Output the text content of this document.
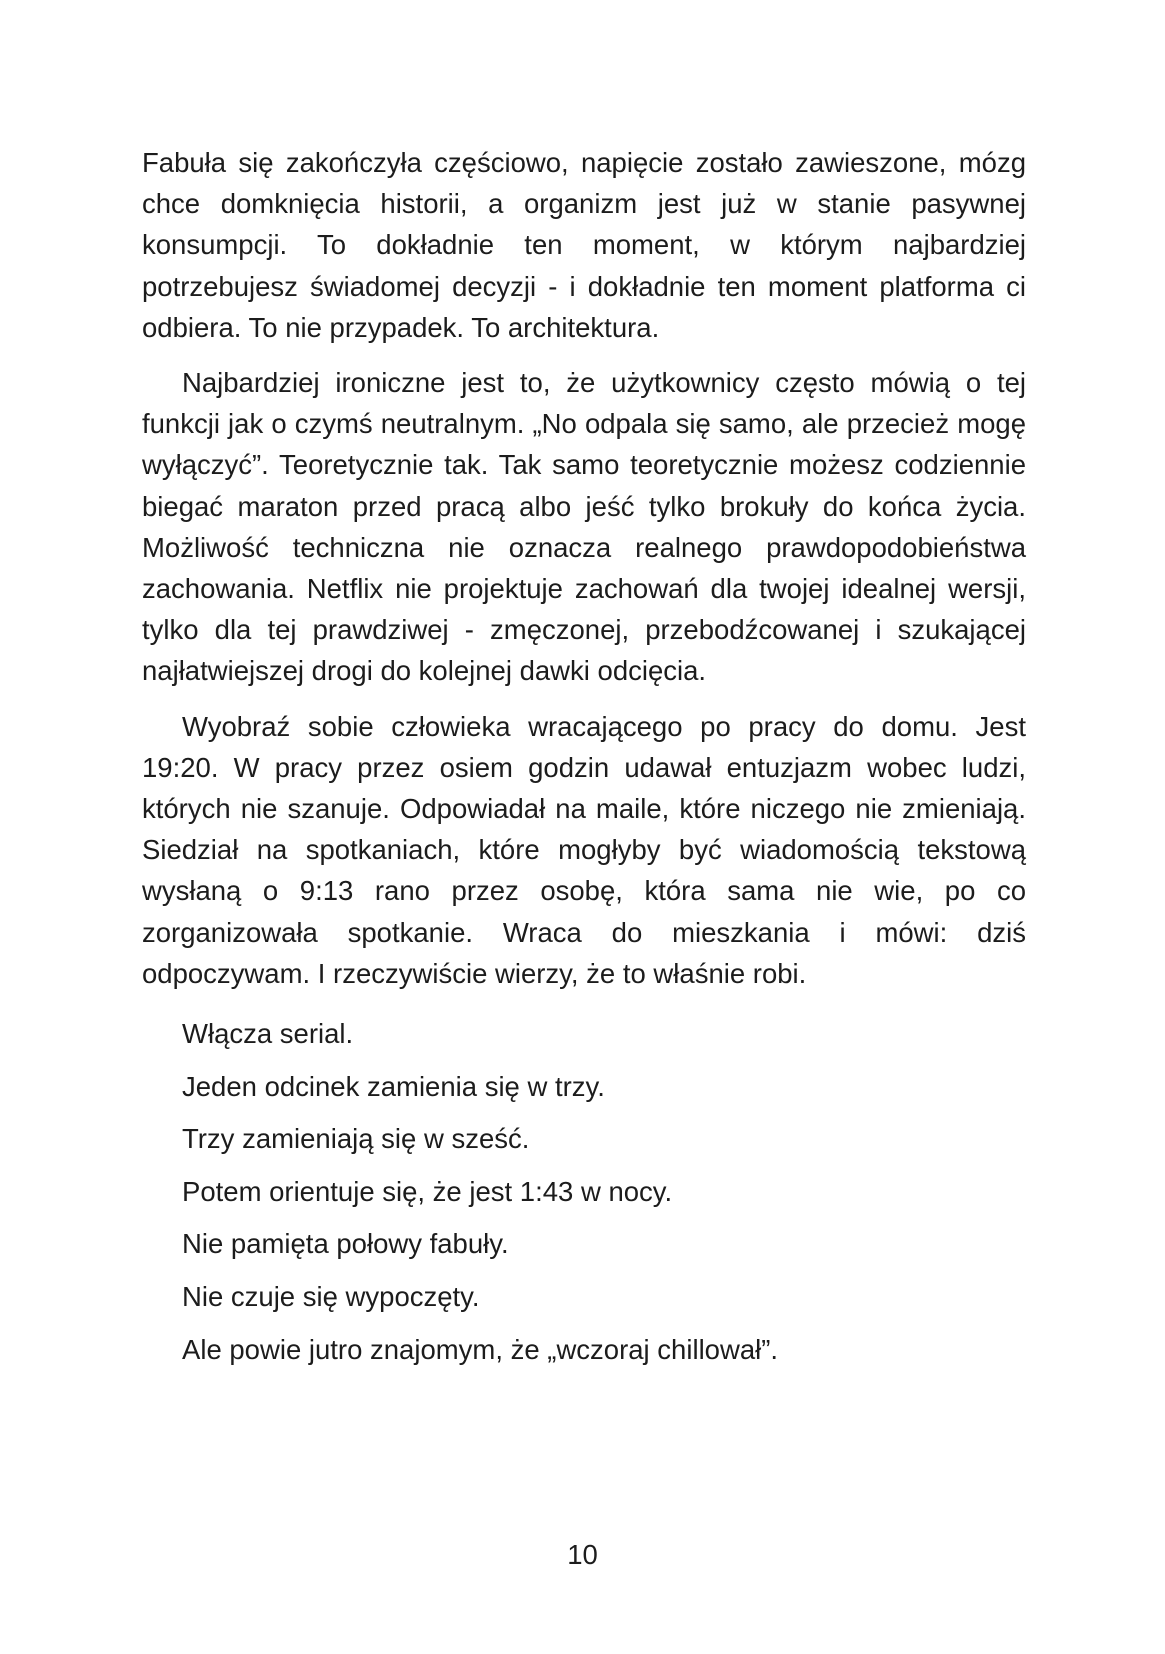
Fabuła się zakończyła częściowo, napięcie zostało zawieszone, mózg chce domknięcia historii, a organizm jest już w stanie pasywnej konsumpcji. To dokładnie ten moment, w którym najbardziej potrzebujesz świadomej decyzji - i dokładnie ten moment platforma ci odbiera. To nie przypadek. To architektura.

Najbardziej ironiczne jest to, że użytkownicy często mówią o tej funkcji jak o czymś neutralnym. „No odpala się samo, ale przecież mogę wyłączyć”. Teoretycznie tak. Tak samo teoretycznie możesz codziennie biegać maraton przed pracą albo jeść tylko brokuły do końca życia. Możliwość techniczna nie oznacza realnego prawdopodobieństwa zachowania. Netflix nie projektuje zachowań dla twojej idealnej wersji, tylko dla tej prawdziwej - zmęczonej, przebodźcowanej i szukającej najłatwiejszej drogi do kolejnej dawki odcięcia.

Wyobraź sobie człowieka wracającego po pracy do domu. Jest 19:20. W pracy przez osiem godzin udawał entuzjazm wobec ludzi, których nie szanuje. Odpowiadał na maile, które niczego nie zmieniają. Siedział na spotkaniach, które mogłyby być wiadomością tekstową wysłaną o 9:13 rano przez osobę, która sama nie wie, po co zorganizowała spotkanie. Wraca do mieszkania i mówi: dziś odpoczywam. I rzeczywiście wierzy, że to właśnie robi.

Włącza serial.

Jeden odcinek zamienia się w trzy.

Trzy zamieniają się w sześć.

Potem orientuje się, że jest 1:43 w nocy.

Nie pamięta połowy fabuły.

Nie czuje się wypoczęty.

Ale powie jutro znajomym, że „wczoraj chillował”.

10
